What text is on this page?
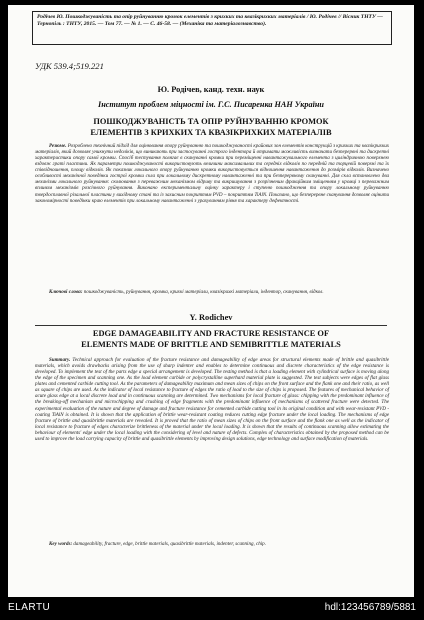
Родічев Ю. Пошкоджуваність та опір руйнуванню кромок елементів з крихких та квазікрихких матеріалів / Ю. Родічев // Вісник ТНТУ — Тернопіль : ТНТУ, 2015. — Том 77. — № 1. — С. 46-58. — (Механіка та матеріалознавство).
УДК 539.4;519.221
Ю. Родічев, канд. техн. наук
Інститут проблем міцності ім. Г.С. Писаренка НАН України
ПОШКОДЖУВАНІСТЬ ТА ОПІР РУЙНУВАННЮ КРОМОК
ЕЛЕМЕНТІВ З КРИХКИХ ТА КВАЗІКРИХКИХ МАТЕРІАЛІВ
Резюме. Розроблено технічний підхід для оцінювання опору руйнуванню та пошкоджуваності крайових зон елементів конструкцій з крихких та квазікрихких матеріалів, який дозволяє уникнути недоліків, що виникають при застосуванні гострого індентора й отримати можливість визначати безперервні та дискретні характеристики опору самої кромки. Спосіб тестування полягає в скануванні кромки при переміщенні навантажувального елемента з циліндричною поверхнею вздовж граті пластини. Як параметри пошкоджуваності використовують величини максимальних та середніх відколів по передній та торцевій поверхні та їх співвідношення, площу відколів. Як показник локального опору руйнуванню кромки використовується відношення навантаження до розмірів відколів. Визначено особливості механічної поведінки гострої кромки скла при локальному дискретному навантаженні та при безперервному скануванні. Для скла встановлено два механізми локального руйнування: сколювання з переважним механізмом відриву та викришування з розрізненим фракційним зміщенням у кромці з переважним впливом механізмів розсічного руйнування. Виконано експериментальну оцінку характеру і ступеню пошкодження та опору локальному руйнуванню твердосплавної різальної пластини у вихідному стані та із захисним покриттям PVD – покриттям TiAlN. Показано, що безперервне сканування дозволяє оцінити закономірності поведінки краю елементів при локальному навантаженні з урахуванням рівня та характеру дефектності.
Ключові слова: пошкоджуваність, руйнування, кромка, крихкі матеріали, квазікрихкі матеріали, індентор, сканування, відкол.
Y. Rodichev
EDGE DAMAGEABILITY AND FRACTURE RESISTANCE OF
ELEMENTS MADE OF BRITTLE AND SEMIBRITTLE MATERIALS
Summary. Technical approach for evaluation of the fracture resistance and damageability of edge areas for structural elements made of brittle and quasibrittle materials, which avoids drawbacks arising from the use of sharp indenter and enables to determine continuous and discrete characteristics of the edge resistance is developed. To implement the test of the parts edge a special arrangement is developed. The testing method is that a loading element with cylindrical surface is moving along the edge of the specimen and scanning one. As the load element carbide or polycrystalline superhard material plate is suggested. The test subjects were edges of flat glass plates and cemented carbide cutting tool. As the parameters of damageability maximum and mean sizes of chips on the front surface and the flank one and their ratio, as well as square of chips are used. As the indicator of local resistance to fracture of edges the ratio of load to the size of chips is proposed. The features of mechanical behavior of acute glass edge at a local discrete load and in continuous scanning are determined. Two mechanisms for local fracture of glass: chipping with the predominant influence of the breaking-off mechanism and microchipping and crushing of edge fragments with the predominant influence of mechanisms of scattered fracture were detected. The experimental evaluation of the nature and degree of damage and fracture resistance for cemented carbide cutting tool in its original condition and with wear-resistant PVD - coating TiAlN is obtained. It is shown that the application of brittle wear-resistant coating reduces cutting edge fracture under the local loading. The mechanisms of edge fracture of brittle and quasibrittle materials are revealed. It is proved that the ratio of mean sizes of chips on the front surface and the flank one as well as the indicator of local resistance to fracture of edges characterize brittleness of the material under the local loading. It is shown that the results of continuous scanning allow estimating the behaviour of elements' edge under the local loading with the considering of level and nature of defects. Complex of characteristics obtained by the proposed method can be used to improve the load carrying capacity of brittle and quasibrittle elements by improving design solutions, edge technology and surface modification of materials.
Key words: damageability, fracture, edge, brittle materials, quasibrittle materials, indenter, scanning, chip.
ELARTU	hdl:123456789/5881
